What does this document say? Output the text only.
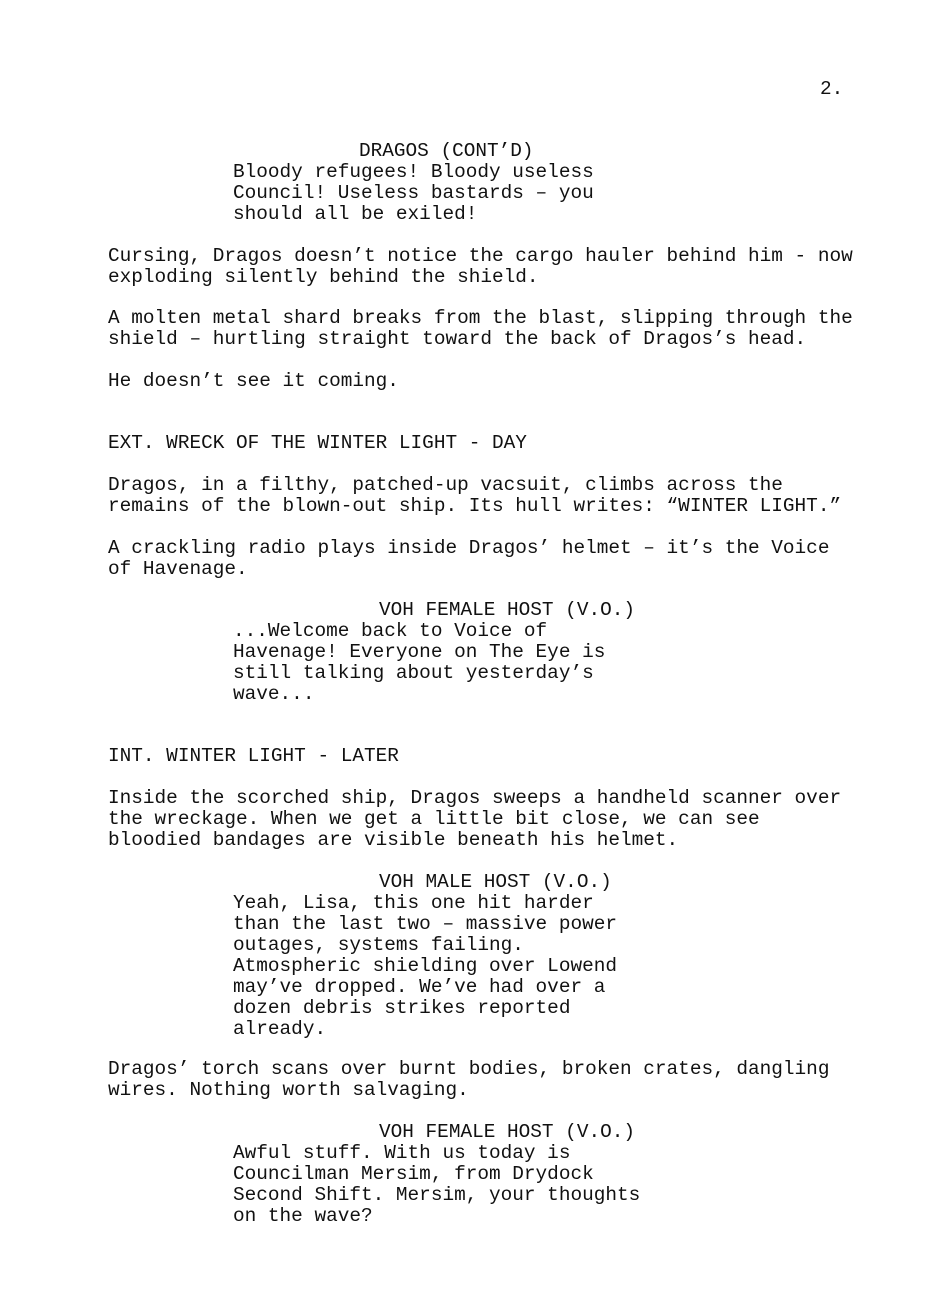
2.
DRAGOS (CONT’D)
Bloody refugees! Bloody useless
Council! Useless bastards – you
should all be exiled!
Cursing, Dragos doesn’t notice the cargo hauler behind him - now
exploding silently behind the shield.
A molten metal shard breaks from the blast, slipping through the
shield – hurtling straight toward the back of Dragos’s head.
He doesn’t see it coming.
EXT. WRECK OF THE WINTER LIGHT - DAY
Dragos, in a filthy, patched-up vacsuit, climbs across the
remains of the blown-out ship. Its hull writes: “WINTER LIGHT.”
A crackling radio plays inside Dragos’ helmet – it’s the Voice
of Havenage.
VOH FEMALE HOST (V.O.)
...Welcome back to Voice of
Havenage! Everyone on The Eye is
still talking about yesterday’s
wave...
INT. WINTER LIGHT - LATER
Inside the scorched ship, Dragos sweeps a handheld scanner over
the wreckage. When we get a little bit close, we can see
bloodied bandages are visible beneath his helmet.
VOH MALE HOST (V.O.)
Yeah, Lisa, this one hit harder
than the last two – massive power
outages, systems failing.
Atmospheric shielding over Lowend
may’ve dropped. We’ve had over a
dozen debris strikes reported
already.
Dragos’ torch scans over burnt bodies, broken crates, dangling
wires. Nothing worth salvaging.
VOH FEMALE HOST (V.O.)
Awful stuff. With us today is
Councilman Mersim, from Drydock
Second Shift. Mersim, your thoughts
on the wave?
